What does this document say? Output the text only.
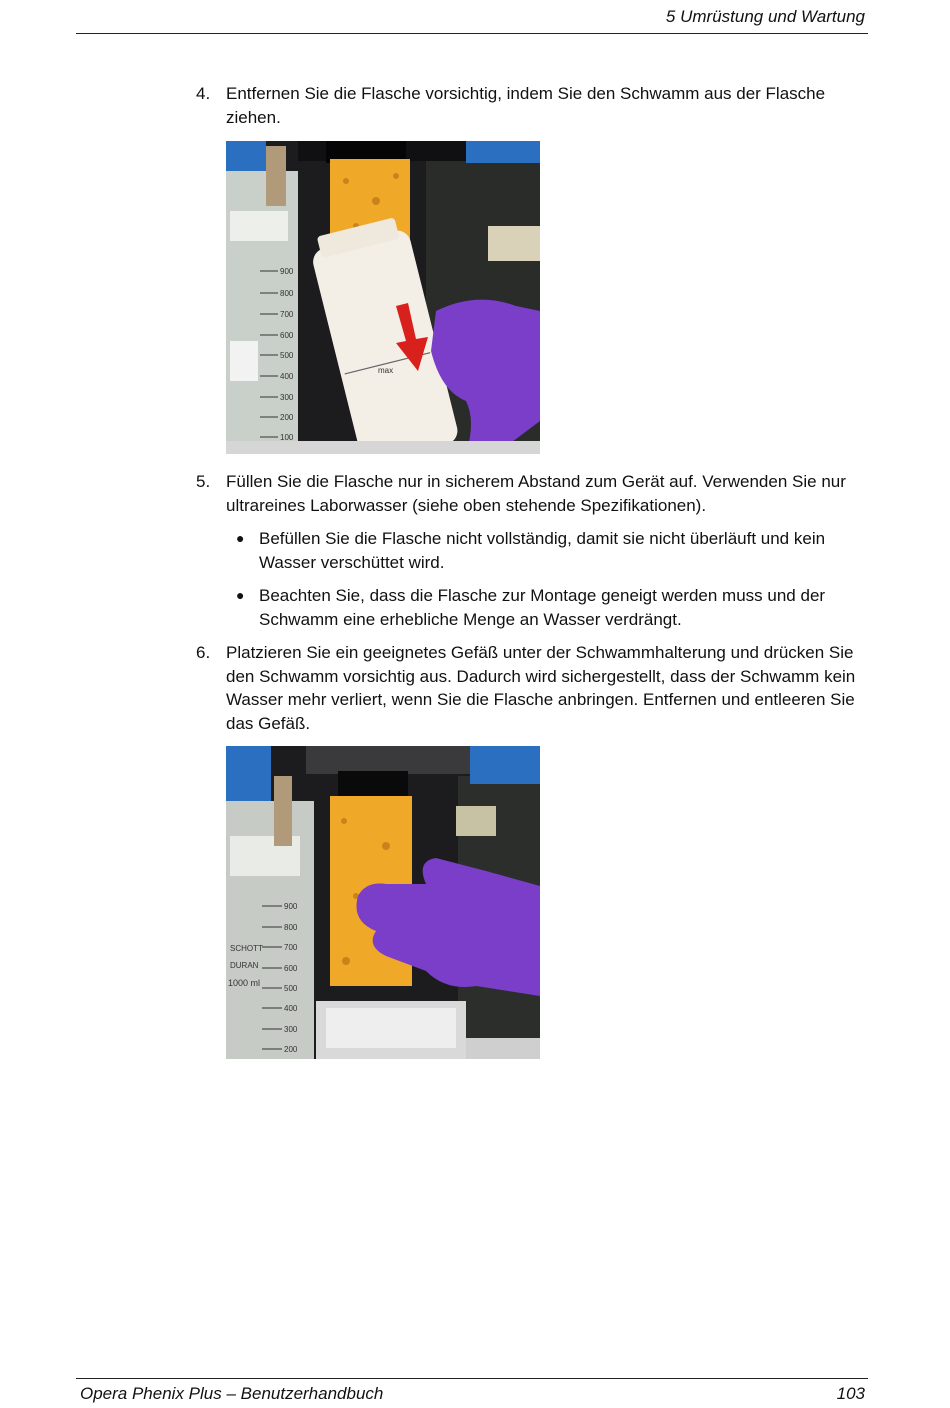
5 Umrüstung und Wartung
4. Entfernen Sie die Flasche vorsichtig, indem Sie den Schwamm aus der Flasche ziehen.
900
800
700
600
500
400
300
200
100
max
5. Füllen Sie die Flasche nur in sicherem Abstand zum Gerät auf. Verwenden Sie nur ultrareines Laborwasser (siehe oben stehende Spezifikationen).
● Befüllen Sie die Flasche nicht vollständig, damit sie nicht überläuft und kein Wasser verschüttet wird.
● Beachten Sie, dass die Flasche zur Montage geneigt werden muss und der Schwamm eine erhebliche Menge an Wasser verdrängt.
6. Platzieren Sie ein geeignetes Gefäß unter der Schwammhalterung und drücken Sie den Schwamm vorsichtig aus. Dadurch wird sichergestellt, dass der Schwamm kein Wasser mehr verliert, wenn Sie die Flasche anbringen. Entfernen und entleeren Sie das Gefäß.
900
800
700
600
500
400
300
200
SCHOTT
DURAN
1000 ml
Opera Phenix Plus – Benutzerhandbuch	103
